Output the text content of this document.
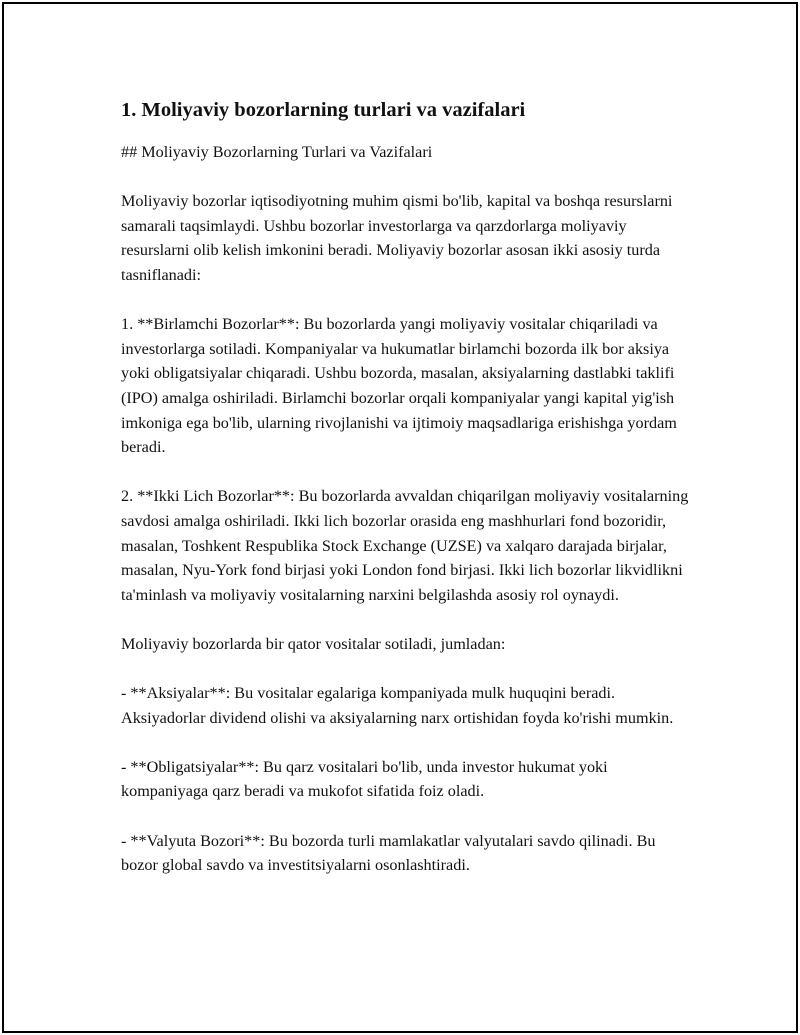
1. Moliyaviy bozorlarning turlari va vazifalari

## Moliyaviy Bozorlarning Turlari va Vazifalari

Moliyaviy bozorlar iqtisodiyotning muhim qismi bo'lib, kapital va boshqa resurslarni samarali taqsimlaydi. Ushbu bozorlar investorlarga va qarzdorlarga moliyaviy resurslarni olib kelish imkonini beradi. Moliyaviy bozorlar asosan ikki asosiy turda tasniflanadi:

1. **Birlamchi Bozorlar**: Bu bozorlarda yangi moliyaviy vositalar chiqariladi va investorlarga sotiladi. Kompaniyalar va hukumatlar birlamchi bozorda ilk bor aksiya yoki obligatsiyalar chiqaradi. Ushbu bozorda, masalan, aksiyalarning dastlabki taklifi (IPO) amalga oshiriladi. Birlamchi bozorlar orqali kompaniyalar yangi kapital yig'ish imkoniga ega bo'lib, ularning rivojlanishi va ijtimoiy maqsadlariga erishishga yordam beradi.

2. **Ikki Lich Bozorlar**: Bu bozorlarda avvaldan chiqarilgan moliyaviy vositalarning savdosi amalga oshiriladi. Ikki lich bozorlar orasida eng mashhurlari fond bozoridir, masalan, Toshkent Respublika Stock Exchange (UZSE) va xalqaro darajada birjalar, masalan, Nyu-York fond birjasi yoki London fond birjasi. Ikki lich bozorlar likvidlikni ta'minlash va moliyaviy vositalarning narxini belgilashda asosiy rol oynaydi.

Moliyaviy bozorlarda bir qator vositalar sotiladi, jumladan:

- **Aksiyalar**: Bu vositalar egalariga kompaniyada mulk huquqini beradi. Aksiyadorlar dividend olishi va aksiyalarning narx ortishidan foyda ko'rishi mumkin.

- **Obligatsiyalar**: Bu qarz vositalari bo'lib, unda investor hukumat yoki kompaniyaga qarz beradi va mukofot sifatida foiz oladi.

- **Valyuta Bozori**: Bu bozorda turli mamlakatlar valyutalari savdo qilinadi. Bu bozor global savdo va investitsiyalarni osonlashtiradi.
